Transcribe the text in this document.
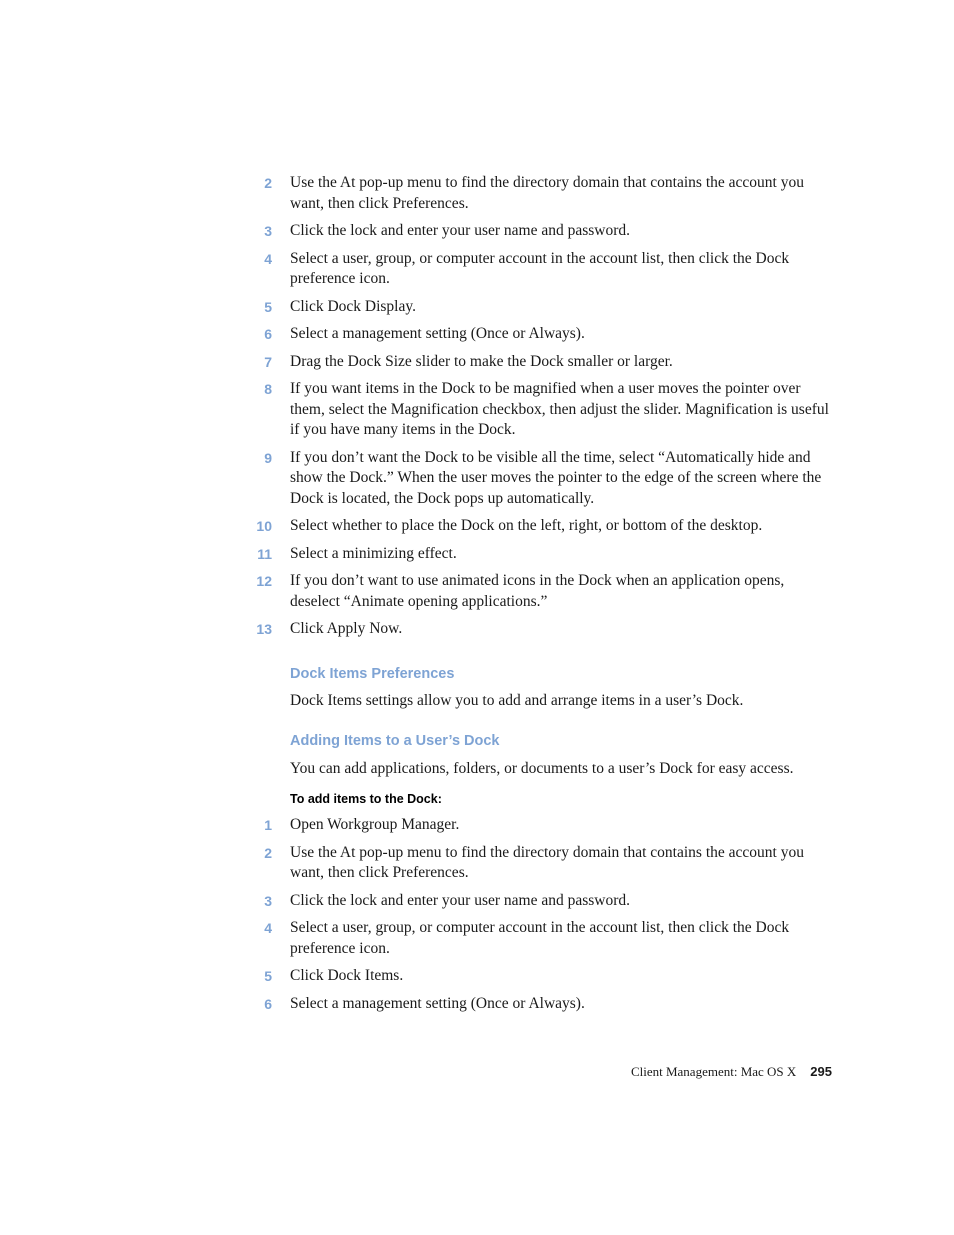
2 Use the At pop-up menu to find the directory domain that contains the account you want, then click Preferences.
3 Click the lock and enter your user name and password.
4 Select a user, group, or computer account in the account list, then click the Dock preference icon.
5 Click Dock Display.
6 Select a management setting (Once or Always).
7 Drag the Dock Size slider to make the Dock smaller or larger.
8 If you want items in the Dock to be magnified when a user moves the pointer over them, select the Magnification checkbox, then adjust the slider. Magnification is useful if you have many items in the Dock.
9 If you don’t want the Dock to be visible all the time, select “Automatically hide and show the Dock.” When the user moves the pointer to the edge of the screen where the Dock is located, the Dock pops up automatically.
10 Select whether to place the Dock on the left, right, or bottom of the desktop.
11 Select a minimizing effect.
12 If you don’t want to use animated icons in the Dock when an application opens, deselect “Animate opening applications.”
13 Click Apply Now.
Dock Items Preferences
Dock Items settings allow you to add and arrange items in a user’s Dock.
Adding Items to a User’s Dock
You can add applications, folders, or documents to a user’s Dock for easy access.
To add items to the Dock:
1 Open Workgroup Manager.
2 Use the At pop-up menu to find the directory domain that contains the account you want, then click Preferences.
3 Click the lock and enter your user name and password.
4 Select a user, group, or computer account in the account list, then click the Dock preference icon.
5 Click Dock Items.
6 Select a management setting (Once or Always).
Client Management: Mac OS X 295
